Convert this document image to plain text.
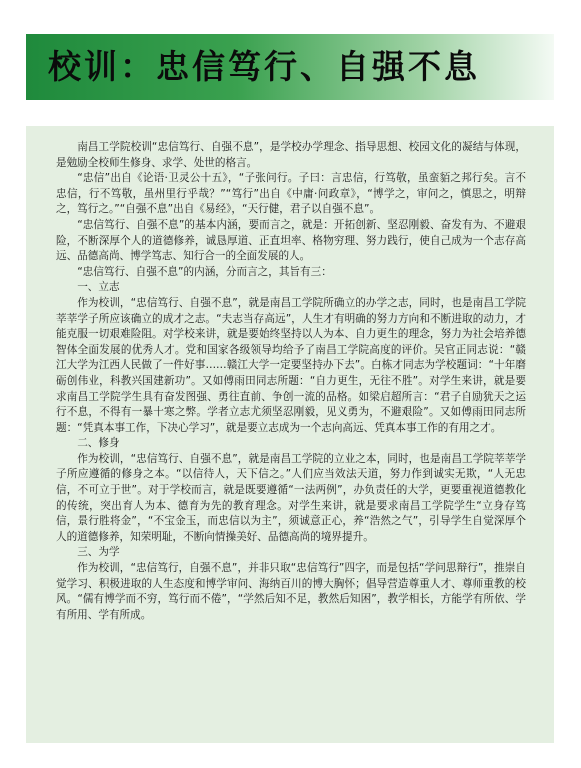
校训：忠信笃行、自强不息

南昌工学院校训“忠信笃行、自强不息”，是学校办学理念、指导思想、校园文化的凝结与体现，是勉励全校师生修身、求学、处世的格言。

“忠信”出自《论语·卫灵公十五》，“子张问行。子曰：言忠信，行笃敬，虽蛮貊之邦行矣。言不忠信，行不笃敬，虽州里行乎哉？”“笃行”出自《中庸·问政章》，“博学之，审问之，慎思之，明辩之，笃行之。”“自强不息”出自《易经》，“天行健，君子以自强不息”。

“忠信笃行、自强不息”的基本内涵，要而言之，就是：开拓创新、坚忍刚毅、奋发有为、不避艰险，不断深厚个人的道德修养，诚恳厚道、正直坦率、格物穷理、努力践行，使自己成为一个志存高远、品德高尚、博学笃志、知行合一的全面发展的人。

“忠信笃行、自强不息”的内涵，分而言之，其旨有三：

一、立志

作为校训，“忠信笃行、自强不息”，就是南昌工学院所确立的办学之志，同时，也是南昌工学院莘莘学子所应该确立的成才之志。“夫志当存高远”，人生才有明确的努力方向和不断进取的动力，才能克服一切艰难险阻。对学校来讲，就是要始终坚持以人为本、自力更生的理念，努力为社会培养德智体全面发展的优秀人才。党和国家各级领导均给予了南昌工学院高度的评价。吴官正同志说：“赣江大学为江西人民做了一件好事……赣江大学一定要坚持办下去”。白栋才同志为学校题词：“十年磨砺创伟业，科教兴国建新功”。又如傅雨田同志所题：“自力更生，无往不胜”。对学生来讲，就是要求南昌工学院学生具有奋发图强、勇往直前、争创一流的品格。如梁启超所言：“君子自励犹天之运行不息，不得有一暴十寒之弊。学者立志尤须坚忍刚毅，见义勇为，不避艰险”。又如傅雨田同志所题：“凭真本事工作，下决心学习”，就是要立志成为一个志向高远、凭真本事工作的有用之才。

二、修身

作为校训，“忠信笃行、自强不息”，就是南昌工学院的立业之本，同时，也是南昌工学院莘莘学子所应遵循的修身之本。“以信待人，天下信之。”人们应当效法天道，努力作到诚实无欺，“人无忠信，不可立于世”。对于学校而言，就是既要遵循“一法两例”，办负责任的大学，更要重视道德教化的传统，突出育人为本、德育为先的教育理念。对学生来讲，就是要求南昌工学院学生“立身存笃信，景行胜将金”，“不宝金玉，而忠信以为主”，须诚意正心，养“浩然之气”，引导学生自觉深厚个人的道德修养，知荣明耻，不断向情操美好、品德高尚的境界提升。

三、为学

作为校训，“忠信笃行，自强不息”，并非只取“忠信笃行”四字，而是包括“学问思辩行”，推崇自觉学习、积极进取的人生态度和博学审问、海纳百川的博大胸怀；倡导营造尊重人才、尊师重教的校风。“儒有博学而不穷，笃行而不倦”，“学然后知不足，教然后知困”，教学相长，方能学有所依、学有所用、学有所成。
